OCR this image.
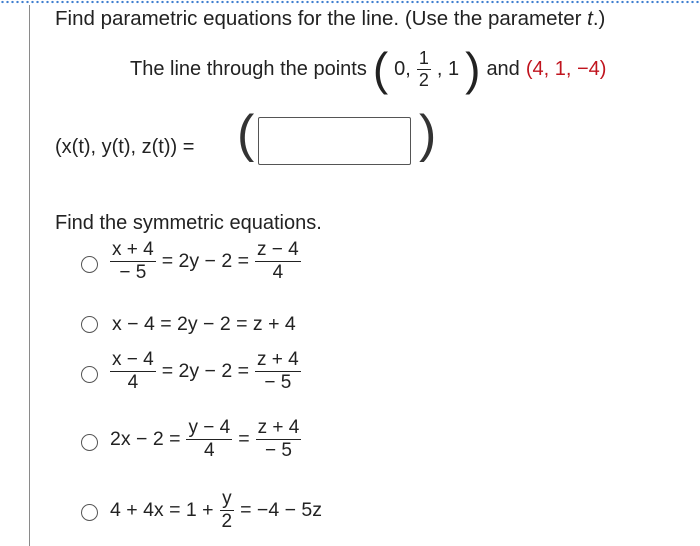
Find parametric equations for the line. (Use the parameter t.)
The line through the points ( 0, $\frac{1}{2}$ , 1 ) and (4, 1, −4)
(x(t), y(t), z(t)) = (	)
Find the symmetric equations.
$\frac{x + 4}{- 5} = 2y - 2 = \frac{z - 4}{4}$
x − 4 = 2y − 2 = z + 4
$\frac{x - 4}{4} = 2y - 2 = \frac{z + 4}{- 5}$
$2x - 2 = \frac{y - 4}{4} = \frac{z + 4}{- 5}$
$4 + 4x = 1 + \frac{y}{2} = -4 - 5z$
